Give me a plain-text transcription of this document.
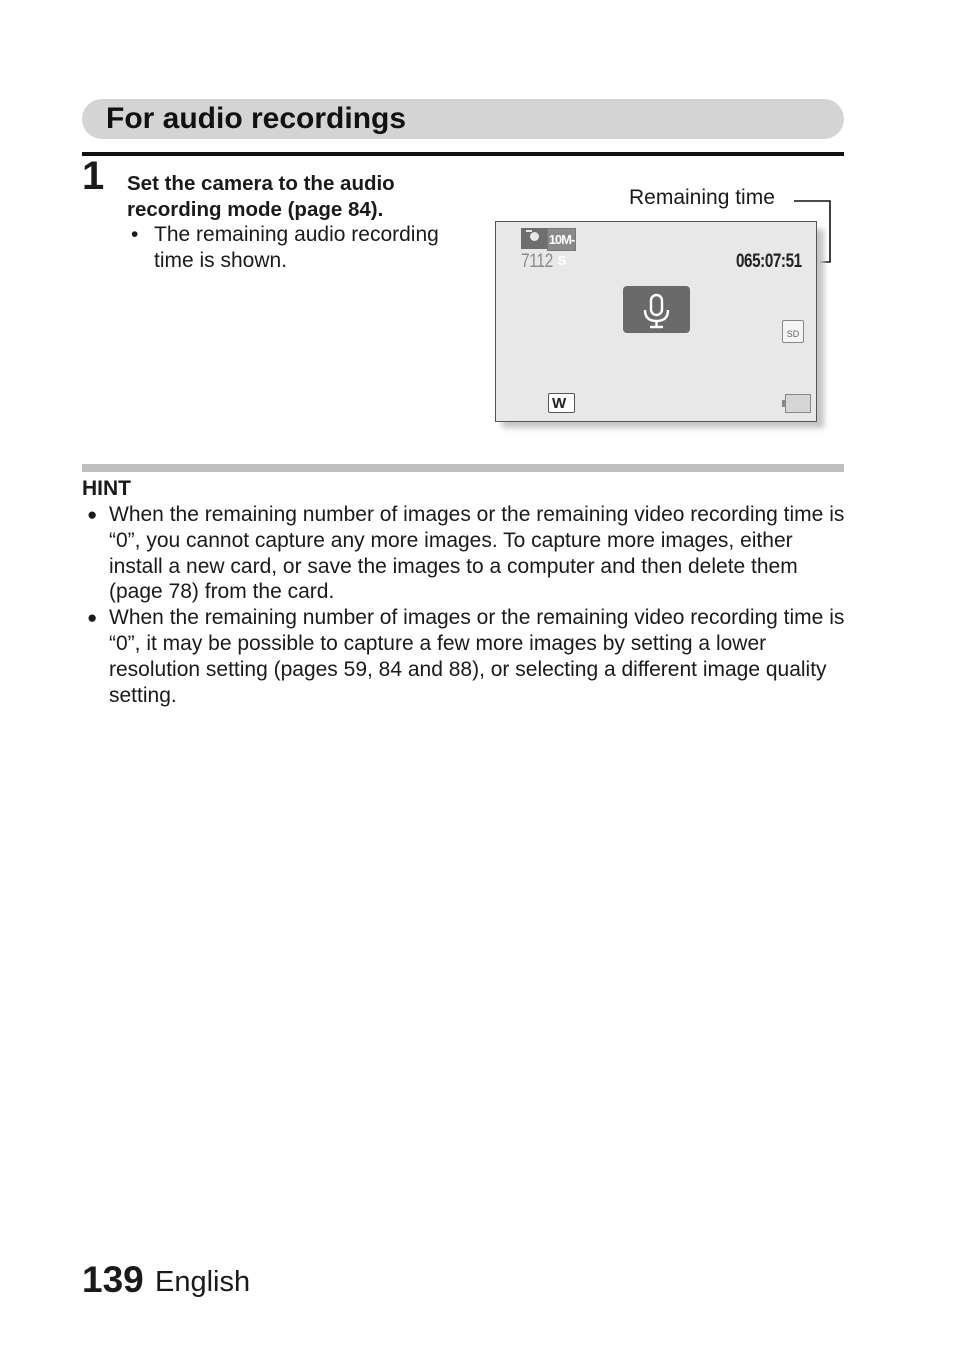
For audio recordings
1 Set the camera to the audio recording mode (page 84).
• The remaining audio recording time is shown.
Remaining time
10M-S
7112	065:07:51
SD
W
HINT
● When the remaining number of images or the remaining video recording time is “0”, you cannot capture any more images. To capture more images, either install a new card, or save the images to a computer and then delete them (page 78) from the card.
● When the remaining number of images or the remaining video recording time is “0”, it may be possible to capture a few more images by setting a lower resolution setting (pages 59, 84 and 88), or selecting a different image quality setting.
139 English
